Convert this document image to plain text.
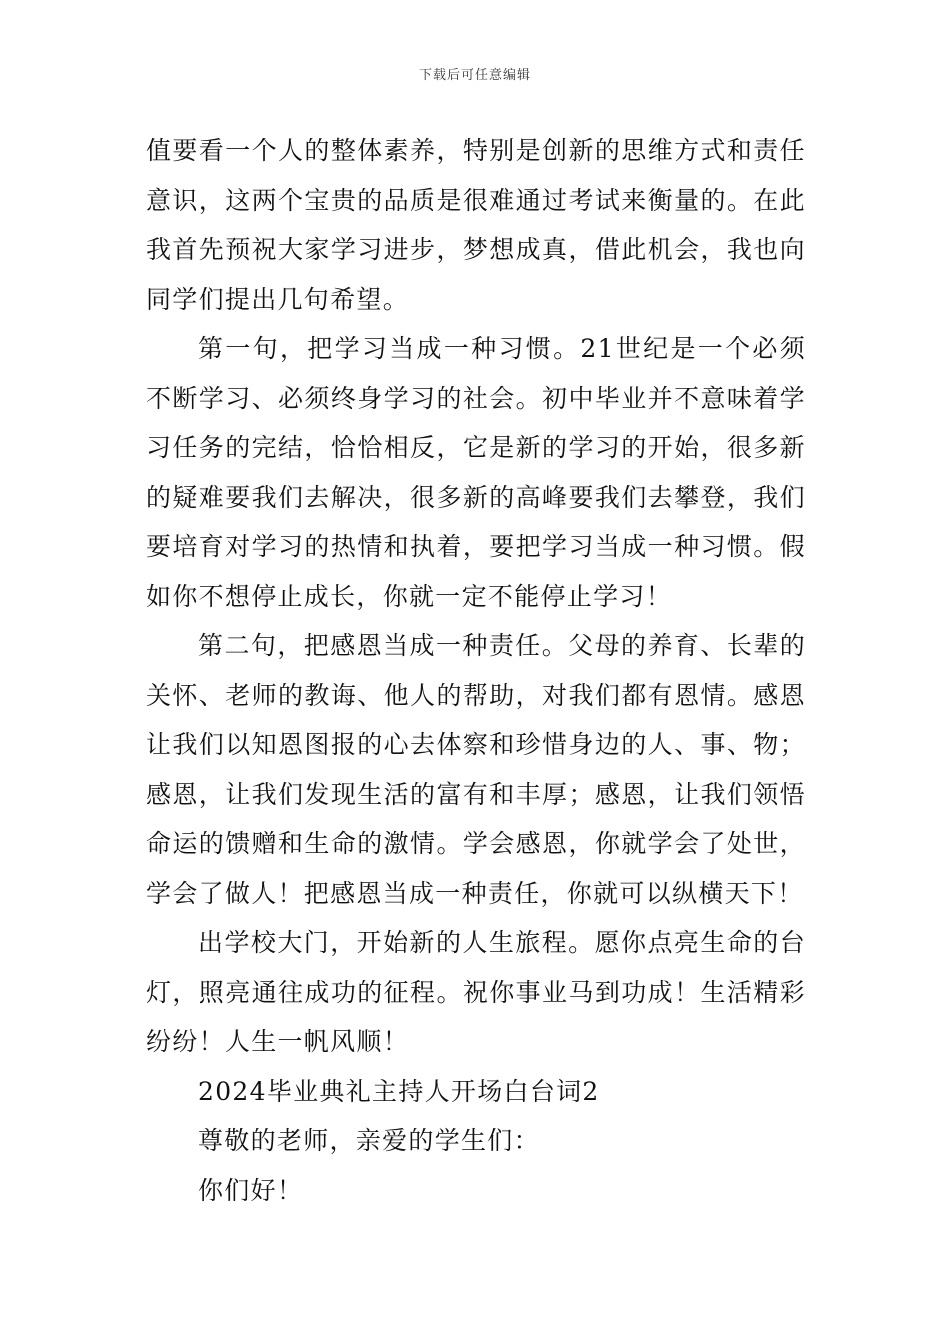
下载后可任意编辑

值要看一个人的整体素养，特别是创新的思维方式和责任意识，这两个宝贵的品质是很难通过考试来衡量的。在此我首先预祝大家学习进步，梦想成真，借此机会，我也向同学们提出几句希望。

第一句，把学习当成一种习惯。21世纪是一个必须不断学习、必须终身学习的社会。初中毕业并不意味着学习任务的完结，恰恰相反，它是新的学习的开始，很多新的疑难要我们去解决，很多新的高峰要我们去攀登，我们要培育对学习的热情和执着，要把学习当成一种习惯。假如你不想停止成长，你就一定不能停止学习！

第二句，把感恩当成一种责任。父母的养育、长辈的关怀、老师的教诲、他人的帮助，对我们都有恩情。感恩让我们以知恩图报的心去体察和珍惜身边的人、事、物；感恩，让我们发现生活的富有和丰厚；感恩，让我们领悟命运的馈赠和生命的激情。学会感恩，你就学会了处世，学会了做人！把感恩当成一种责任，你就可以纵横天下！

出学校大门，开始新的人生旅程。愿你点亮生命的台灯，照亮通往成功的征程。祝你事业马到功成！生活精彩纷纷！人生一帆风顺！

2024毕业典礼主持人开场白台词2

尊敬的老师，亲爱的学生们：

你们好！
